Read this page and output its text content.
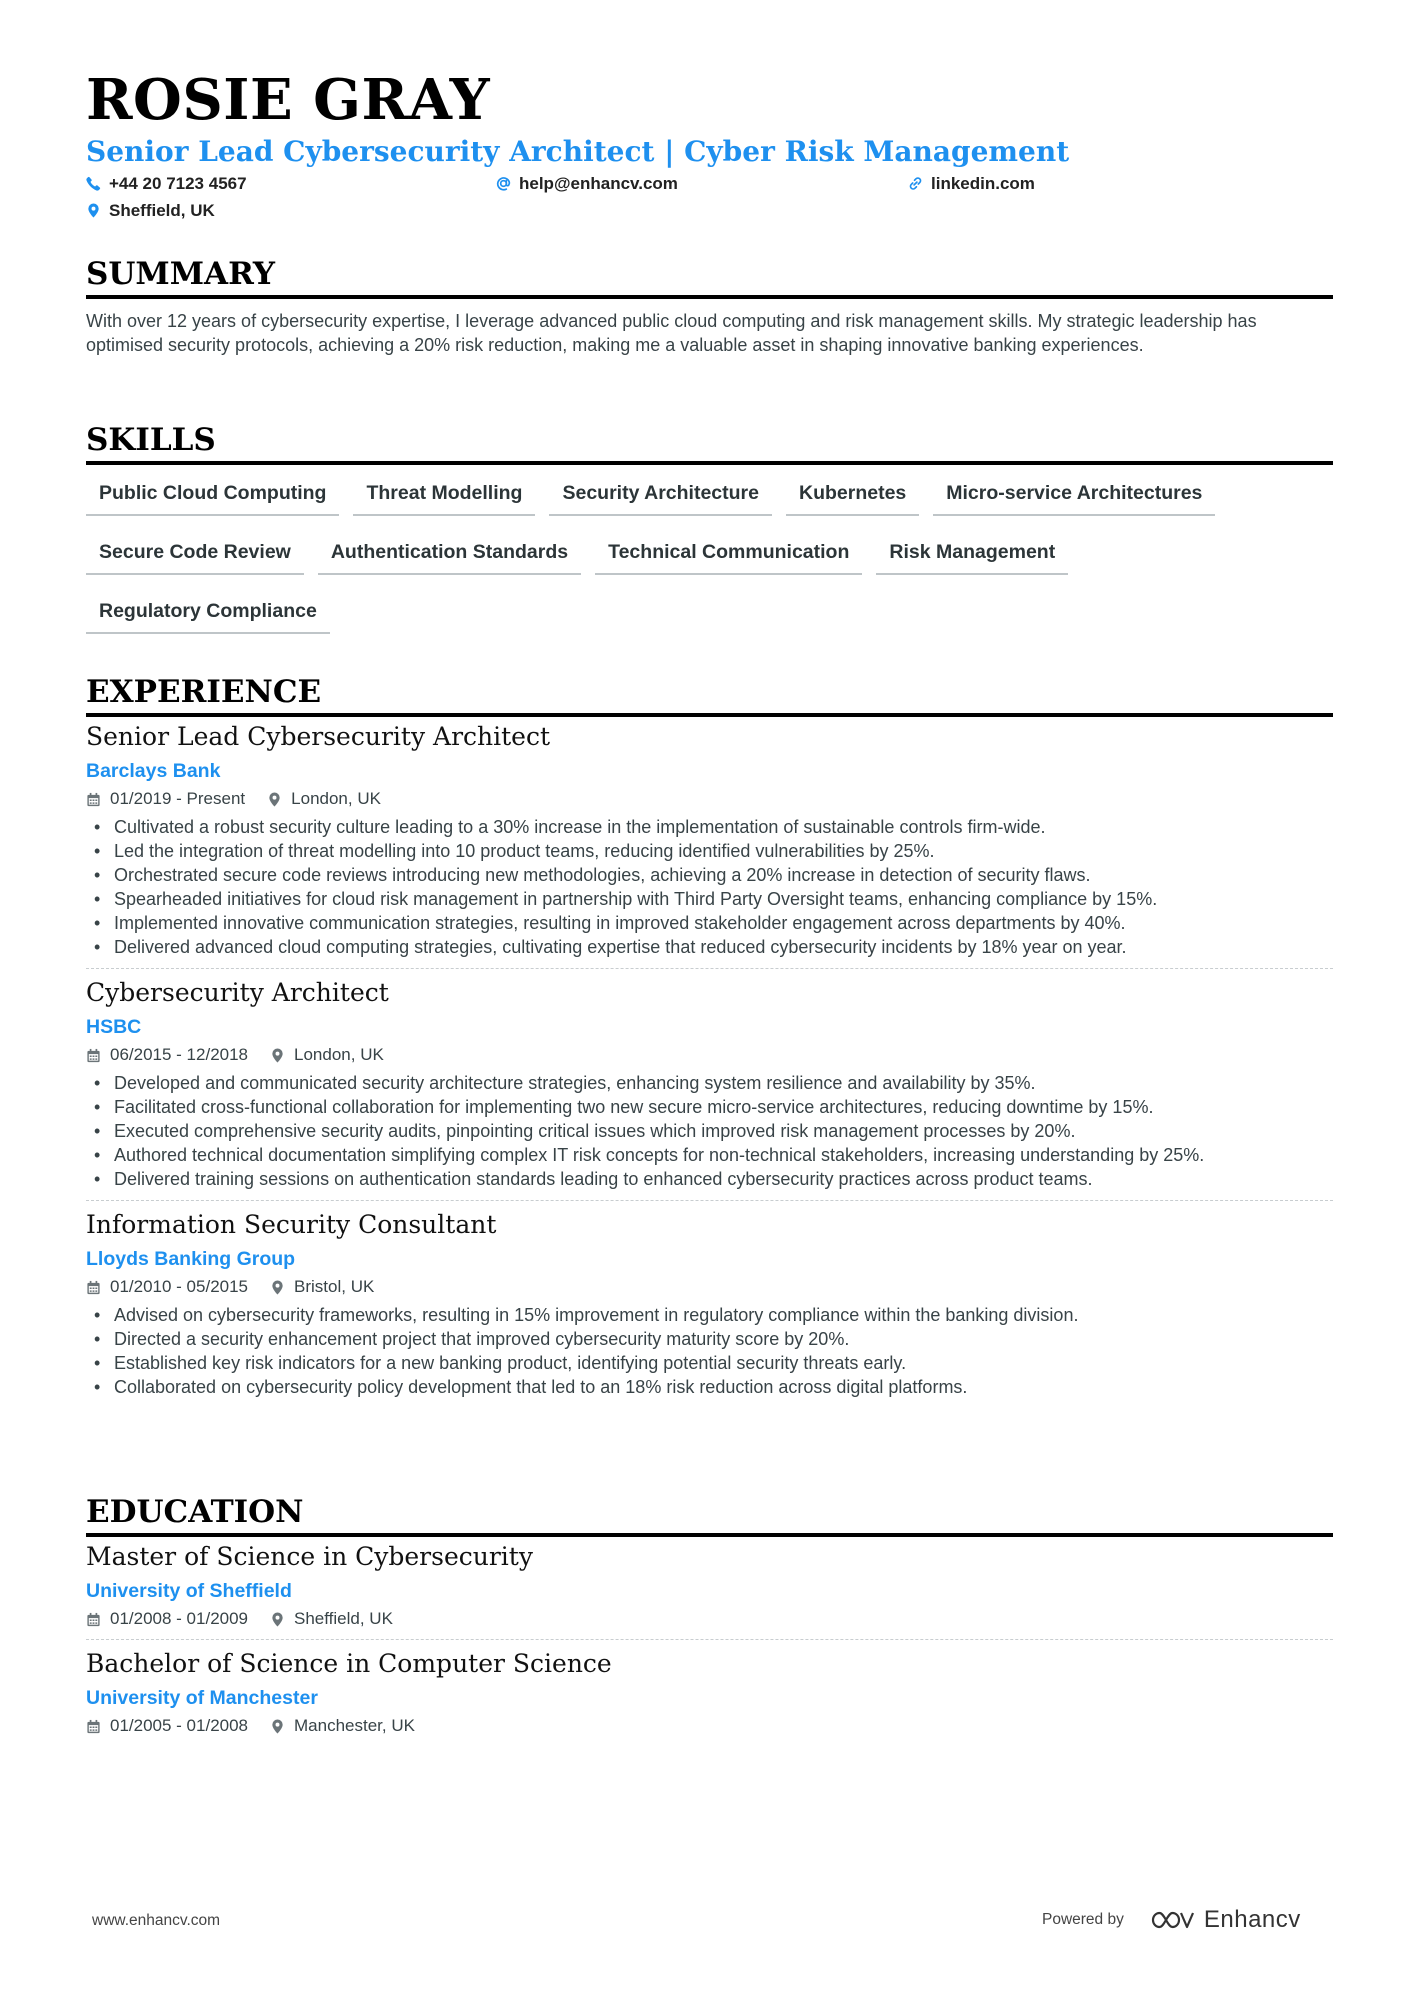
ROSIE GRAY
Senior Lead Cybersecurity Architect | Cyber Risk Management
+44 20 7123 4567	help@enhancv.com	linkedin.com
Sheffield, UK
SUMMARY

With over 12 years of cybersecurity expertise, I leverage advanced public cloud computing and risk management skills. My strategic leadership has optimised security protocols, achieving a 20% risk reduction, making me a valuable asset in shaping innovative banking experiences.

SKILLS
Public Cloud Computing	Threat Modelling	Security Architecture	Kubernetes	Micro-service Architectures
Secure Code Review	Authentication Standards	Technical Communication	Risk Management
Regulatory Compliance
EXPERIENCE
Senior Lead Cybersecurity Architect
Barclays Bank
01/2019 - Present	London, UK
• Cultivated a robust security culture leading to a 30% increase in the implementation of sustainable controls firm-wide.
• Led the integration of threat modelling into 10 product teams, reducing identified vulnerabilities by 25%.
• Orchestrated secure code reviews introducing new methodologies, achieving a 20% increase in detection of security flaws.
• Spearheaded initiatives for cloud risk management in partnership with Third Party Oversight teams, enhancing compliance by 15%.
• Implemented innovative communication strategies, resulting in improved stakeholder engagement across departments by 40%.
• Delivered advanced cloud computing strategies, cultivating expertise that reduced cybersecurity incidents by 18% year on year.
Cybersecurity Architect
HSBC
06/2015 - 12/2018	London, UK
• Developed and communicated security architecture strategies, enhancing system resilience and availability by 35%.
• Facilitated cross-functional collaboration for implementing two new secure micro-service architectures, reducing downtime by 15%.
• Executed comprehensive security audits, pinpointing critical issues which improved risk management processes by 20%.
• Authored technical documentation simplifying complex IT risk concepts for non-technical stakeholders, increasing understanding by 25%.
• Delivered training sessions on authentication standards leading to enhanced cybersecurity practices across product teams.
Information Security Consultant
Lloyds Banking Group
01/2010 - 05/2015	Bristol, UK
• Advised on cybersecurity frameworks, resulting in 15% improvement in regulatory compliance within the banking division.
• Directed a security enhancement project that improved cybersecurity maturity score by 20%.
• Established key risk indicators for a new banking product, identifying potential security threats early.
• Collaborated on cybersecurity policy development that led to an 18% risk reduction across digital platforms.
EDUCATION
Master of Science in Cybersecurity
University of Sheffield
01/2008 - 01/2009	Sheffield, UK
Bachelor of Science in Computer Science
University of Manchester
01/2005 - 01/2008	Manchester, UK
www.enhancv.com	Powered by	Enhancv
